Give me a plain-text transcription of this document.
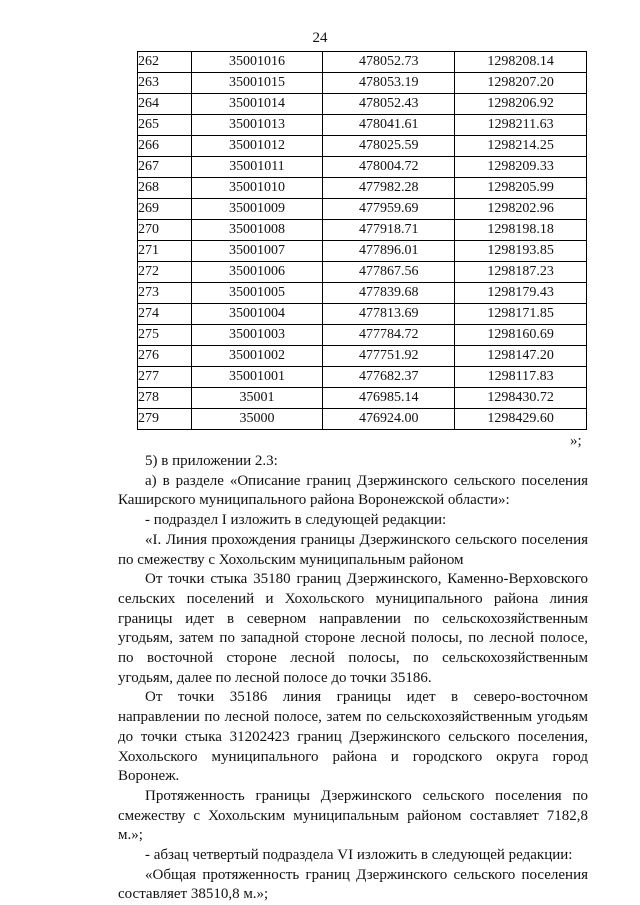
24
262	35001016	478052.73	1298208.14
263	35001015	478053.19	1298207.20
264	35001014	478052.43	1298206.92
265	35001013	478041.61	1298211.63
266	35001012	478025.59	1298214.25
267	35001011	478004.72	1298209.33
268	35001010	477982.28	1298205.99
269	35001009	477959.69	1298202.96
270	35001008	477918.71	1298198.18
271	35001007	477896.01	1298193.85
272	35001006	477867.56	1298187.23
273	35001005	477839.68	1298179.43
274	35001004	477813.69	1298171.85
275	35001003	477784.72	1298160.69
276	35001002	477751.92	1298147.20
277	35001001	477682.37	1298117.83
278	35001	476985.14	1298430.72
279	35000	476924.00	1298429.60
»;

5) в приложении 2.3:

а) в разделе «Описание границ Дзержинского сельского поселения Каширского муниципального района Воронежской области»:

- подраздел I изложить в следующей редакции:

«I. Линия прохождения границы Дзержинского сельского поселения по смежеству с Хохольским муниципальным районом

От точки стыка 35180 границ Дзержинского, Каменно-Верховского сельских поселений и Хохольского муниципального района линия границы идет в северном направлении по сельскохозяйственным угодьям, затем по западной стороне лесной полосы, по лесной полосе, по восточной стороне лесной полосы, по сельскохозяйственным угодьям, далее по лесной полосе до точки 35186.

От точки 35186 линия границы идет в северо-восточном направлении по лесной полосе, затем по сельскохозяйственным угодьям до точки стыка 31202423 границ Дзержинского сельского поселения, Хохольского муниципального района и городского округа город Воронеж.

Протяженность границы Дзержинского сельского поселения по смежеству с Хохольским муниципальным районом составляет 7182,8 м.»;

- абзац четвертый подраздела VI изложить в следующей редакции:

«Общая протяженность границ Дзержинского сельского поселения составляет 38510,8 м.»;
